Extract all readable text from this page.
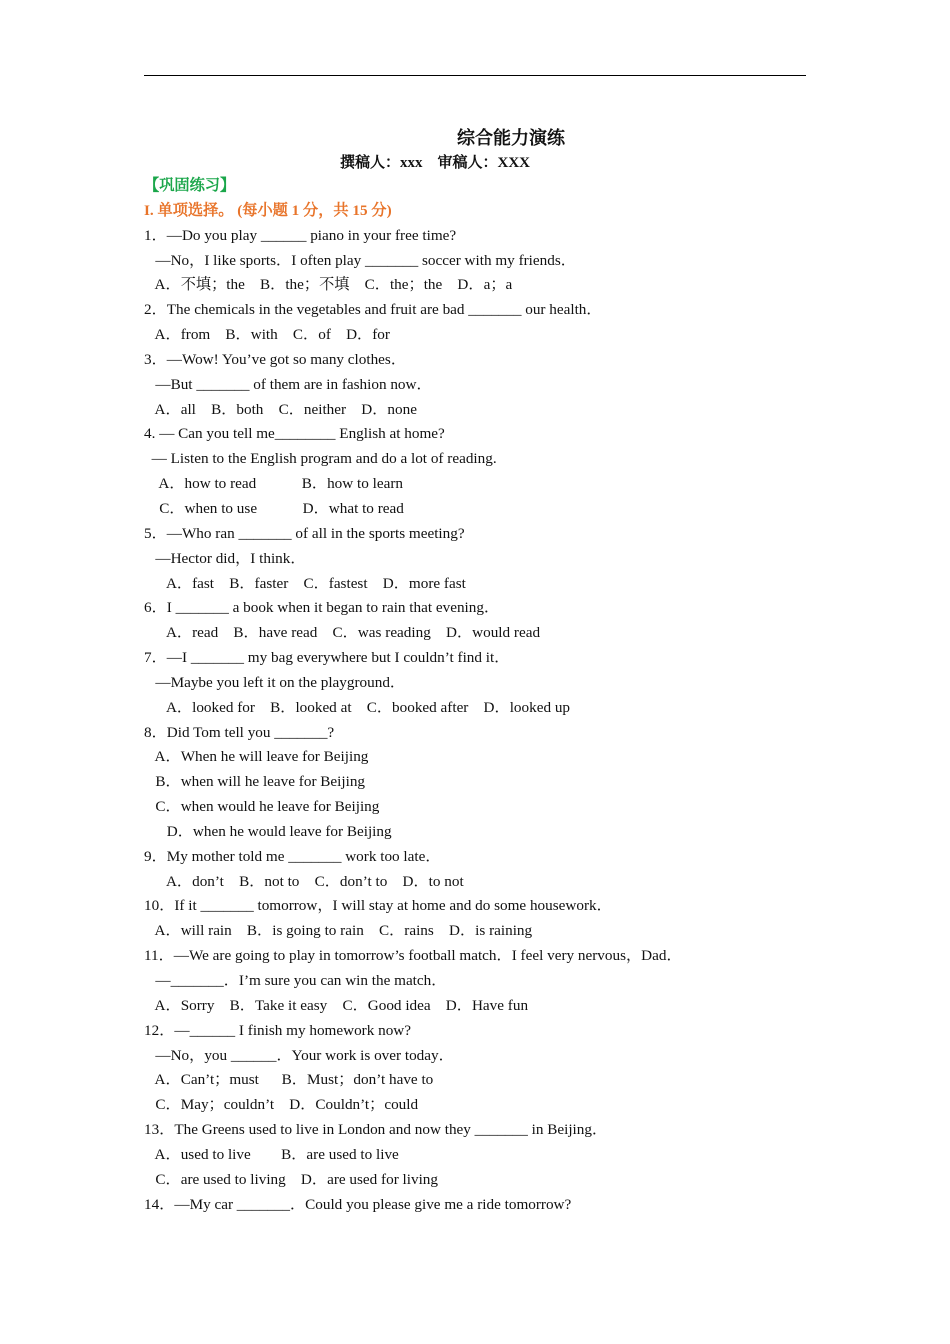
综合能力演练
撰稿人：xxx    审稿人：XXX
【巩固练习】
I. 单项选择。 (每小题 1 分，共 15 分)
1．—Do you play ______ piano in your free time?
—No，I like sports．I often play _______ soccer with my friends．
A．不填；the    B．the；不填    C．the；the    D．a；a
2．The chemicals in the vegetables and fruit are bad _______ our health．
A．from    B．with    C．of    D．for
3．—Wow! You’ve got so many clothes．
—But _______ of them are in fashion now．
A．all    B．both    C．neither    D．none
4. — Can you tell me________ English at home?
— Listen to the English program and do a lot of reading.
A．how to read            B．how to learn
C．when to use            D．what to read
5．—Who ran _______ of all in the sports meeting?
—Hector did，I think．
A．fast    B．faster    C．fastest    D．more fast
6．I _______ a book when it began to rain that evening．
A．read    B．have read    C．was reading    D．would read
7．—I _______ my bag everywhere but I couldn’t find it．
—Maybe you left it on the playground．
A．looked for    B．looked at    C．booked after    D．looked up
8．Did Tom tell you _______?
A．When he will leave for Beijing
B．when will he leave for Beijing
C．when would he leave for Beijing
D．when he would leave for Beijing
9．My mother told me _______ work too late．
A．don’t    B．not to    C．don’t to    D．to not
10．If it _______ tomorrow，I will stay at home and do some housework．
A．will rain    B．is going to rain    C．rains    D．is raining
11．—We are going to play in tomorrow’s football match．I feel very nervous，Dad．
—_______．I’m sure you can win the match．
A．Sorry    B．Take it easy    C．Good idea    D．Have fun
12．—______ I finish my homework now?
—No，you ______．Your work is over today．
A．Can’t；must      B．Must；don’t have to
C．May；couldn’t    D．Couldn’t；could
13．The Greens used to live in London and now they _______ in Beijing．
A．used to live        B．are used to live
C．are used to living    D．are used for living
14．—My car _______．Could you please give me a ride tomorrow?
